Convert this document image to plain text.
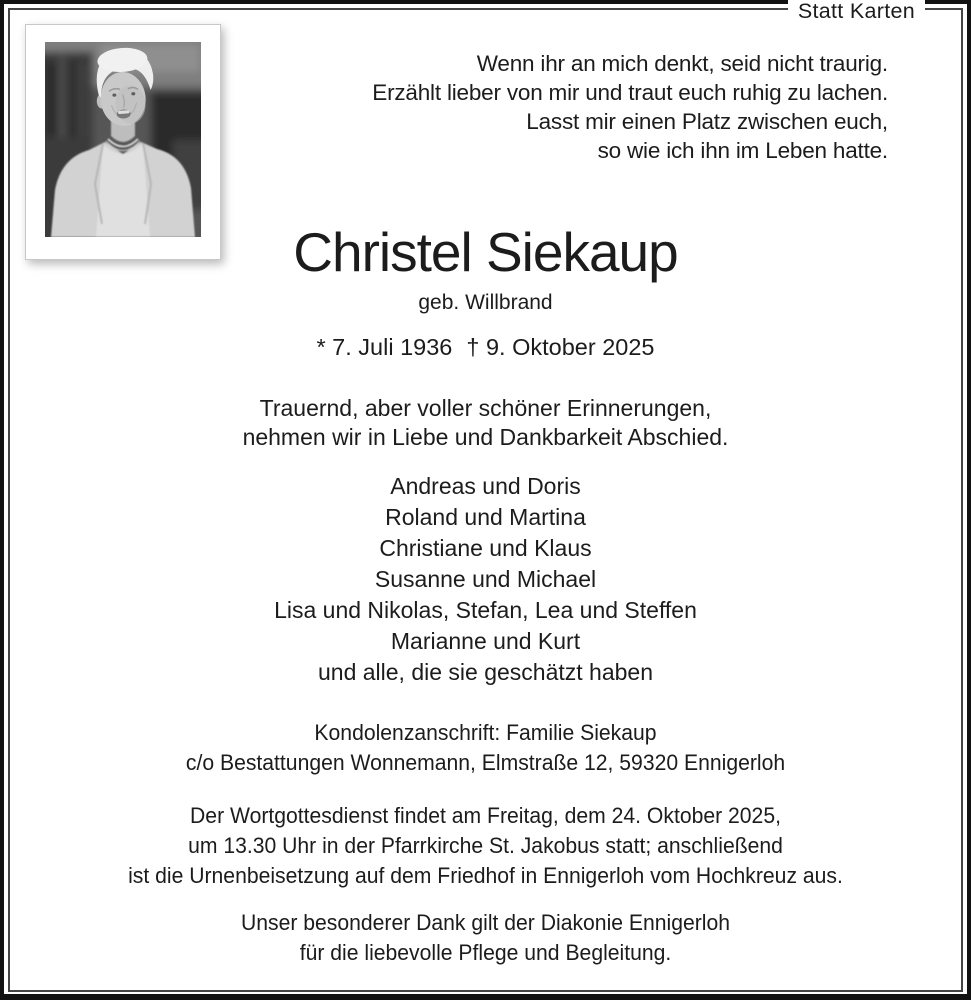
Statt Karten
Wenn ihr an mich denkt, seid nicht traurig.
Erzählt lieber von mir und traut euch ruhig zu lachen.
Lasst mir einen Platz zwischen euch,
so wie ich ihn im Leben hatte.
Christel Siekaup
geb. Willbrand
* 7. Juli 1936 † 9. Oktober 2025
Trauernd, aber voller schöner Erinnerungen,
nehmen wir in Liebe und Dankbarkeit Abschied.
Andreas und Doris
Roland und Martina
Christiane und Klaus
Susanne und Michael
Lisa und Nikolas, Stefan, Lea und Steffen
Marianne und Kurt
und alle, die sie geschätzt haben
Kondolenzanschrift: Familie Siekaup
c/o Bestattungen Wonnemann, Elmstraße 12, 59320 Ennigerloh
Der Wortgottesdienst findet am Freitag, dem 24. Oktober 2025,
um 13.30 Uhr in der Pfarrkirche St. Jakobus statt; anschließend
ist die Urnenbeisetzung auf dem Friedhof in Ennigerloh vom Hochkreuz aus.
Unser besonderer Dank gilt der Diakonie Ennigerloh
für die liebevolle Pflege und Begleitung.
